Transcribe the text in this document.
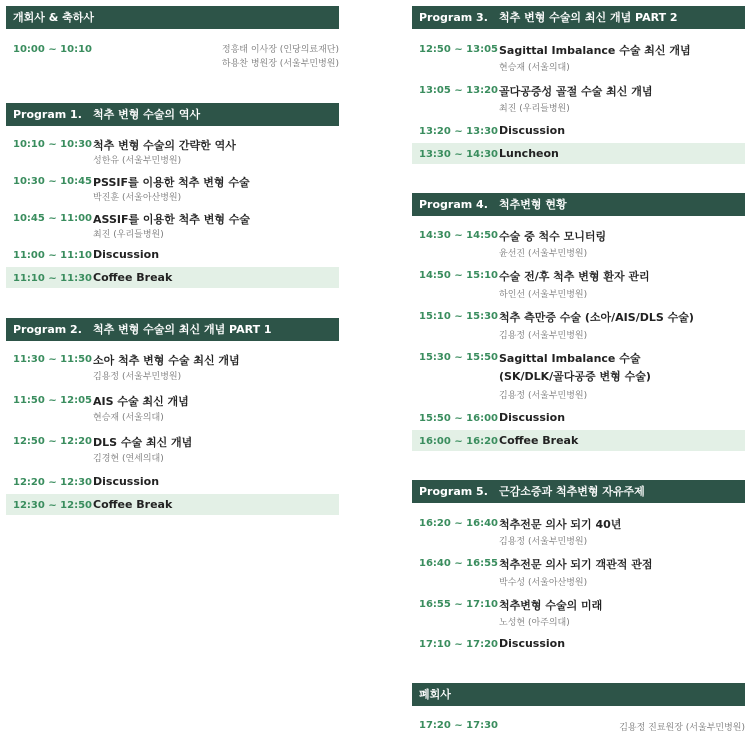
개회사 & 축하사
10:00 ~ 10:10	정흥태 이사장 (인당의료재단)
하용찬 병원장 (서울부민병원)
Program 1. 척추 변형 수술의 역사
10:10 ~ 10:30 척추 변형 수술의 간략한 역사
성한유 (서울부민병원)
10:30 ~ 10:45 PSSIF를 이용한 척추 변형 수술
박진훈 (서울아산병원)
10:45 ~ 11:00 ASSIF를 이용한 척추 변형 수술
최진 (우리들병원)
11:00 ~ 11:10 Discussion
11:10 ~ 11:30 Coffee Break
Program 2. 척추 변형 수술의 최신 개념 PART 1
11:30 ~ 11:50 소아 척추 변형 수술 최신 개념
김용정 (서울부민병원)
11:50 ~ 12:05 AIS 수술 최신 개념
현승재 (서울의대)
12:50 ~ 12:20 DLS 수술 최신 개념
김경현 (연세의대)
12:20 ~ 12:30 Discussion
12:30 ~ 12:50 Coffee Break
Program 3. 척추 변형 수술의 최신 개념 PART 2
12:50 ~ 13:05 Sagittal Imbalance 수술 최신 개념
현승재 (서울의대)
13:05 ~ 13:20 골다공증성 골절 수술 최신 개념
최진 (우리들병원)
13:20 ~ 13:30 Discussion
13:30 ~ 14:30 Luncheon
Program 4. 척추변형 현황
14:30 ~ 14:50 수술 중 척수 모니터링
윤선진 (서울부민병원)
14:50 ~ 15:10 수술 전/후 척추 변형 환자 관리
하인선 (서울부민병원)
15:10 ~ 15:30 척추 측만증 수술 (소아/AIS/DLS 수술)
김용정 (서울부민병원)
15:30 ~ 15:50 Sagittal Imbalance 수술
(SK/DLK/골다공증 변형 수술)
김용정 (서울부민병원)
15:50 ~ 16:00 Discussion
16:00 ~ 16:20 Coffee Break
Program 5. 근감소증과 척추변형 자유주제
16:20 ~ 16:40 척추전문 의사 되기 40년
김용정 (서울부민병원)
16:40 ~ 16:55 척추전문 의사 되기 객관적 관점
박수성 (서울아산병원)
16:55 ~ 17:10 척추변형 수술의 미래
노성현 (아주의대)
17:10 ~ 17:20 Discussion
폐회사
17:20 ~ 17:30	김용정 진료원장 (서울부민병원)
